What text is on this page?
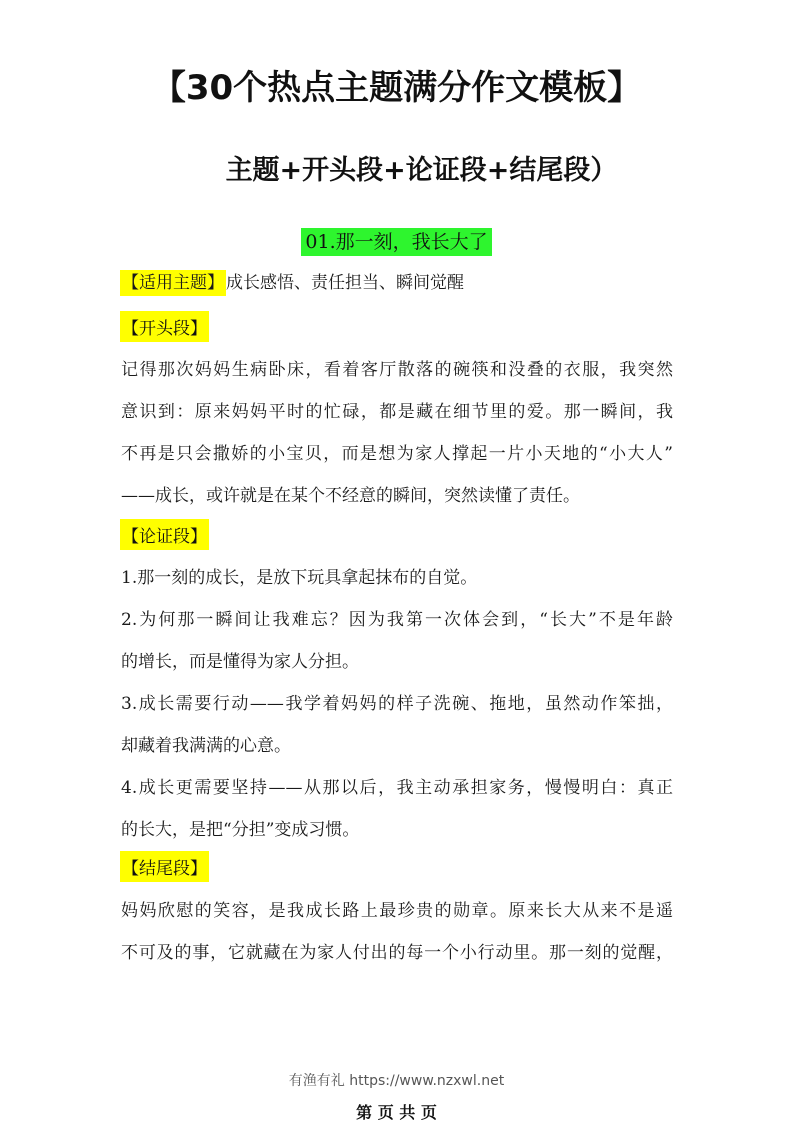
【30个热点主题满分作文模板】
主题+开头段+论证段+结尾段）
01.那一刻，我长大了
【适用主题】 成长感悟、责任担当、瞬间觉醒
【开头段】
记得那次妈妈生病卧床，看着客厅散落的碗筷和没叠的衣服，我突然
意识到：原来妈妈平时的忙碌，都是藏在细节里的爱。那一瞬间，我
不再是只会撒娇的小宝贝，而是想为家人撑起一片小天地的“小大人”
——成长，或许就是在某个不经意的瞬间，突然读懂了责任。
【论证段】
1.那一刻的成长，是放下玩具拿起抹布的自觉。
2.为何那一瞬间让我难忘？因为我第一次体会到，“长大”不是年龄
的增长，而是懂得为家人分担。
3.成长需要行动——我学着妈妈的样子洗碗、拖地，虽然动作笨拙，
却藏着我满满的心意。
4.成长更需要坚持——从那以后，我主动承担家务，慢慢明白：真正
的长大，是把“分担”变成习惯。
【结尾段】
妈妈欣慰的笑容，是我成长路上最珍贵的勋章。原来长大从来不是遥
不可及的事，它就藏在为家人付出的每一个小行动里。那一刻的觉醒，
有渔有礼 https://www.nzxwl.net
第 页 共 页
